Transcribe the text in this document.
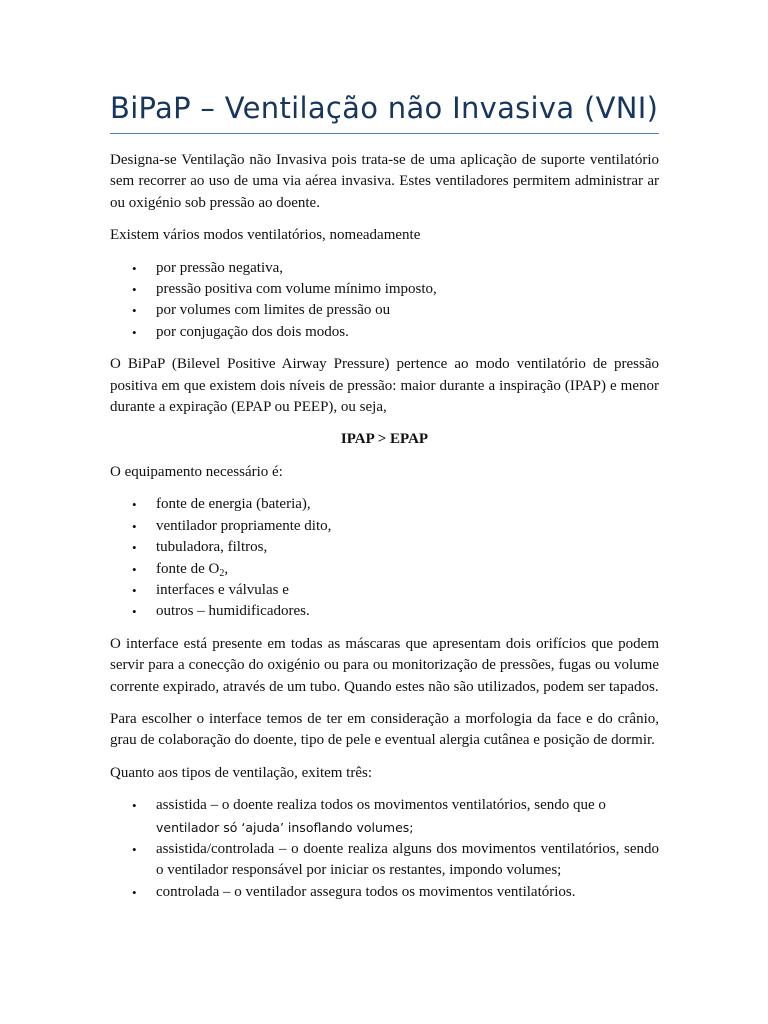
BiPaP – Ventilação não Invasiva (VNI)

Designa-se Ventilação não Invasiva pois trata-se de uma aplicação de suporte ventilatório sem recorrer ao uso de uma via aérea invasiva. Estes ventiladores permitem administrar ar ou oxigénio sob pressão ao doente.

Existem vários modos ventilatórios, nomeadamente

• por pressão negativa,
• pressão positiva com volume mínimo imposto,
• por volumes com limites de pressão ou
• por conjugação dos dois modos.

O BiPaP (Bilevel Positive Airway Pressure) pertence ao modo ventilatório de pressão positiva em que existem dois níveis de pressão: maior durante a inspiração (IPAP) e menor durante a expiração (EPAP ou PEEP), ou seja,

IPAP > EPAP

O equipamento necessário é:

• fonte de energia (bateria),
• ventilador propriamente dito,
• tubuladora, filtros,
• fonte de $O_2$,
• interfaces e válvulas e
• outros – humidificadores.

O interface está presente em todas as máscaras que apresentam dois orifícios que podem servir para a conecção do oxigénio ou para ou monitorização de pressões, fugas ou volume corrente expirado, através de um tubo. Quando estes não são utilizados, podem ser tapados.

Para escolher o interface temos de ter em consideração a morfologia da face e do crânio, grau de colaboração do doente, tipo de pele e eventual alergia cutânea e posição de dormir.

Quanto aos tipos de ventilação, exitem três:

• assistida – o doente realiza todos os movimentos ventilatórios, sendo que o
ventilador só ‘ajuda’ insoflando volumes;
• assistida/controlada – o doente realiza alguns dos movimentos ventilatórios, sendo o ventilador responsável por iniciar os restantes, impondo volumes;
• controlada – o ventilador assegura todos os movimentos ventilatórios.
